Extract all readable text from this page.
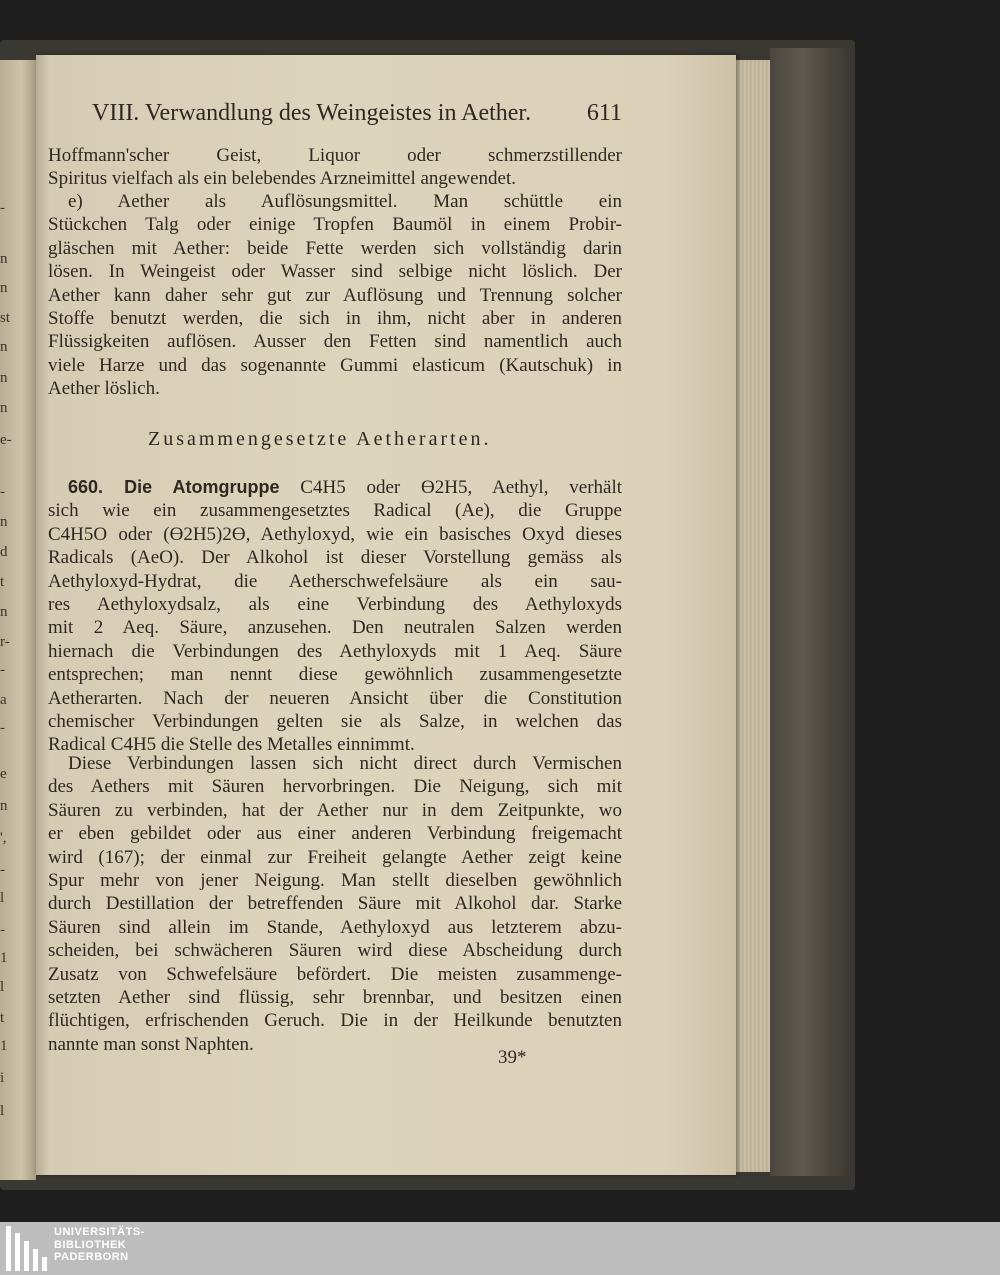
-
n
n
st
n
n
n
e-
-
n
d
t
n
r-
-
a
-
e
n
',
-
l
-
1
l
t
1
i
l
VIII. Verwandlung des Weingeistes in Aether. 611
Hoffmann'scher Geist, Liquor oder schmerzstillender
Spiritus vielfach als ein belebendes Arzneimittel angewendet.
e) Aether als Auflösungsmittel. Man schüttle ein
Stückchen Talg oder einige Tropfen Baumöl in einem Probir-
gläschen mit Aether: beide Fette werden sich vollständig darin
lösen. In Weingeist oder Wasser sind selbige nicht löslich. Der
Aether kann daher sehr gut zur Auflösung und Trennung solcher
Stoffe benutzt werden, die sich in ihm, nicht aber in anderen
Flüssigkeiten auflösen. Ausser den Fetten sind namentlich auch
viele Harze und das sogenannte Gummi elasticum (Kautschuk) in
Aether löslich.
Zusammengesetzte Aetherarten.
660. Die Atomgruppe C4H5 oder Ɵ2H5, Aethyl, verhält
sich wie ein zusammengesetztes Radical (Ae), die Gruppe
C4H5O oder (Ɵ2H5)2Ɵ, Aethyloxyd, wie ein basisches Oxyd dieses
Radicals (AeO). Der Alkohol ist dieser Vorstellung gemäss als
Aethyloxyd-Hydrat, die Aetherschwefelsäure als ein sau-
res Aethyloxydsalz, als eine Verbindung des Aethyloxyds
mit 2 Aeq. Säure, anzusehen. Den neutralen Salzen werden
hiernach die Verbindungen des Aethyloxyds mit 1 Aeq. Säure
entsprechen; man nennt diese gewöhnlich zusammengesetzte
Aetherarten. Nach der neueren Ansicht über die Constitution
chemischer Verbindungen gelten sie als Salze, in welchen das
Radical C4H5 die Stelle des Metalles einnimmt.
Diese Verbindungen lassen sich nicht direct durch Vermischen
des Aethers mit Säuren hervorbringen. Die Neigung, sich mit
Säuren zu verbinden, hat der Aether nur in dem Zeitpunkte, wo
er eben gebildet oder aus einer anderen Verbindung freigemacht
wird (167); der einmal zur Freiheit gelangte Aether zeigt keine
Spur mehr von jener Neigung. Man stellt dieselben gewöhnlich
durch Destillation der betreffenden Säure mit Alkohol dar. Starke
Säuren sind allein im Stande, Aethyloxyd aus letzterem abzu-
scheiden, bei schwächeren Säuren wird diese Abscheidung durch
Zusatz von Schwefelsäure befördert. Die meisten zusammenge-
setzten Aether sind flüssig, sehr brennbar, und besitzen einen
flüchtigen, erfrischenden Geruch. Die in der Heilkunde benutzten
nannte man sonst Naphten.
39*
UNIVERSITÄTS-
BIBLIOTHEK
PADERBORN
